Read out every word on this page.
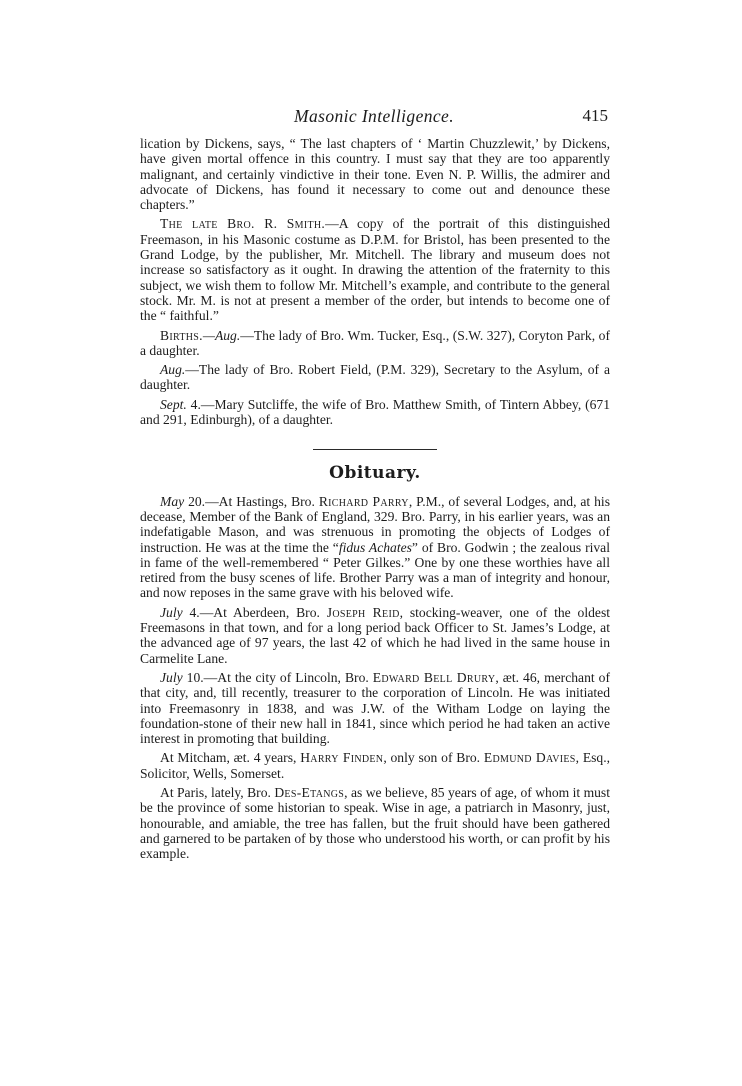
Masonic Intelligence.	415

lication by Dickens, says, “ The last chapters of ‘ Martin Chuzzlewit,’ by Dickens, have given mortal offence in this country. I must say that they are too apparently malignant, and certainly vindictive in their tone. Even N. P. Willis, the admirer and advocate of Dickens, has found it necessary to come out and denounce these chapters.”

The late Bro. R. Smith.—A copy of the portrait of this distinguished Freemason, in his Masonic costume as D.P.M. for Bristol, has been presented to the Grand Lodge, by the publisher, Mr. Mitchell. The library and museum does not increase so satisfactory as it ought. In drawing the attention of the fraternity to this subject, we wish them to follow Mr. Mitchell’s example, and contribute to the general stock. Mr. M. is not at present a member of the order, but intends to become one of the “ faithful.”

Births.—Aug.—The lady of Bro. Wm. Tucker, Esq., (S.W. 327), Coryton Park, of a daughter.

Aug.—The lady of Bro. Robert Field, (P.M. 329), Secretary to the Asylum, of a daughter.

Sept. 4.—Mary Sutcliffe, the wife of Bro. Matthew Smith, of Tintern Abbey, (671 and 291, Edinburgh), of a daughter.

Obituary.

May 20.—At Hastings, Bro. Richard Parry, P.M., of several Lodges, and, at his decease, Member of the Bank of England, 329. Bro. Parry, in his earlier years, was an indefatigable Mason, and was strenuous in promoting the objects of Lodges of instruction. He was at the time the “fidus Achates” of Bro. Godwin ; the zealous rival in fame of the well-remembered “ Peter Gilkes.” One by one these worthies have all retired from the busy scenes of life. Brother Parry was a man of integrity and honour, and now reposes in the same grave with his beloved wife.

July 4.—At Aberdeen, Bro. Joseph Reid, stocking-weaver, one of the oldest Freemasons in that town, and for a long period back Officer to St. James’s Lodge, at the advanced age of 97 years, the last 42 of which he had lived in the same house in Carmelite Lane.

July 10.—At the city of Lincoln, Bro. Edward Bell Drury, æt. 46, merchant of that city, and, till recently, treasurer to the corporation of Lincoln. He was initiated into Freemasonry in 1838, and was J.W. of the Witham Lodge on laying the foundation-stone of their new hall in 1841, since which period he had taken an active interest in promoting that building.

At Mitcham, æt. 4 years, Harry Finden, only son of Bro. Edmund Davies, Esq., Solicitor, Wells, Somerset.

At Paris, lately, Bro. Des-Etangs, as we believe, 85 years of age, of whom it must be the province of some historian to speak. Wise in age, a patriarch in Masonry, just, honourable, and amiable, the tree has fallen, but the fruit should have been gathered and garnered to be partaken of by those who understood his worth, or can profit by his example.
